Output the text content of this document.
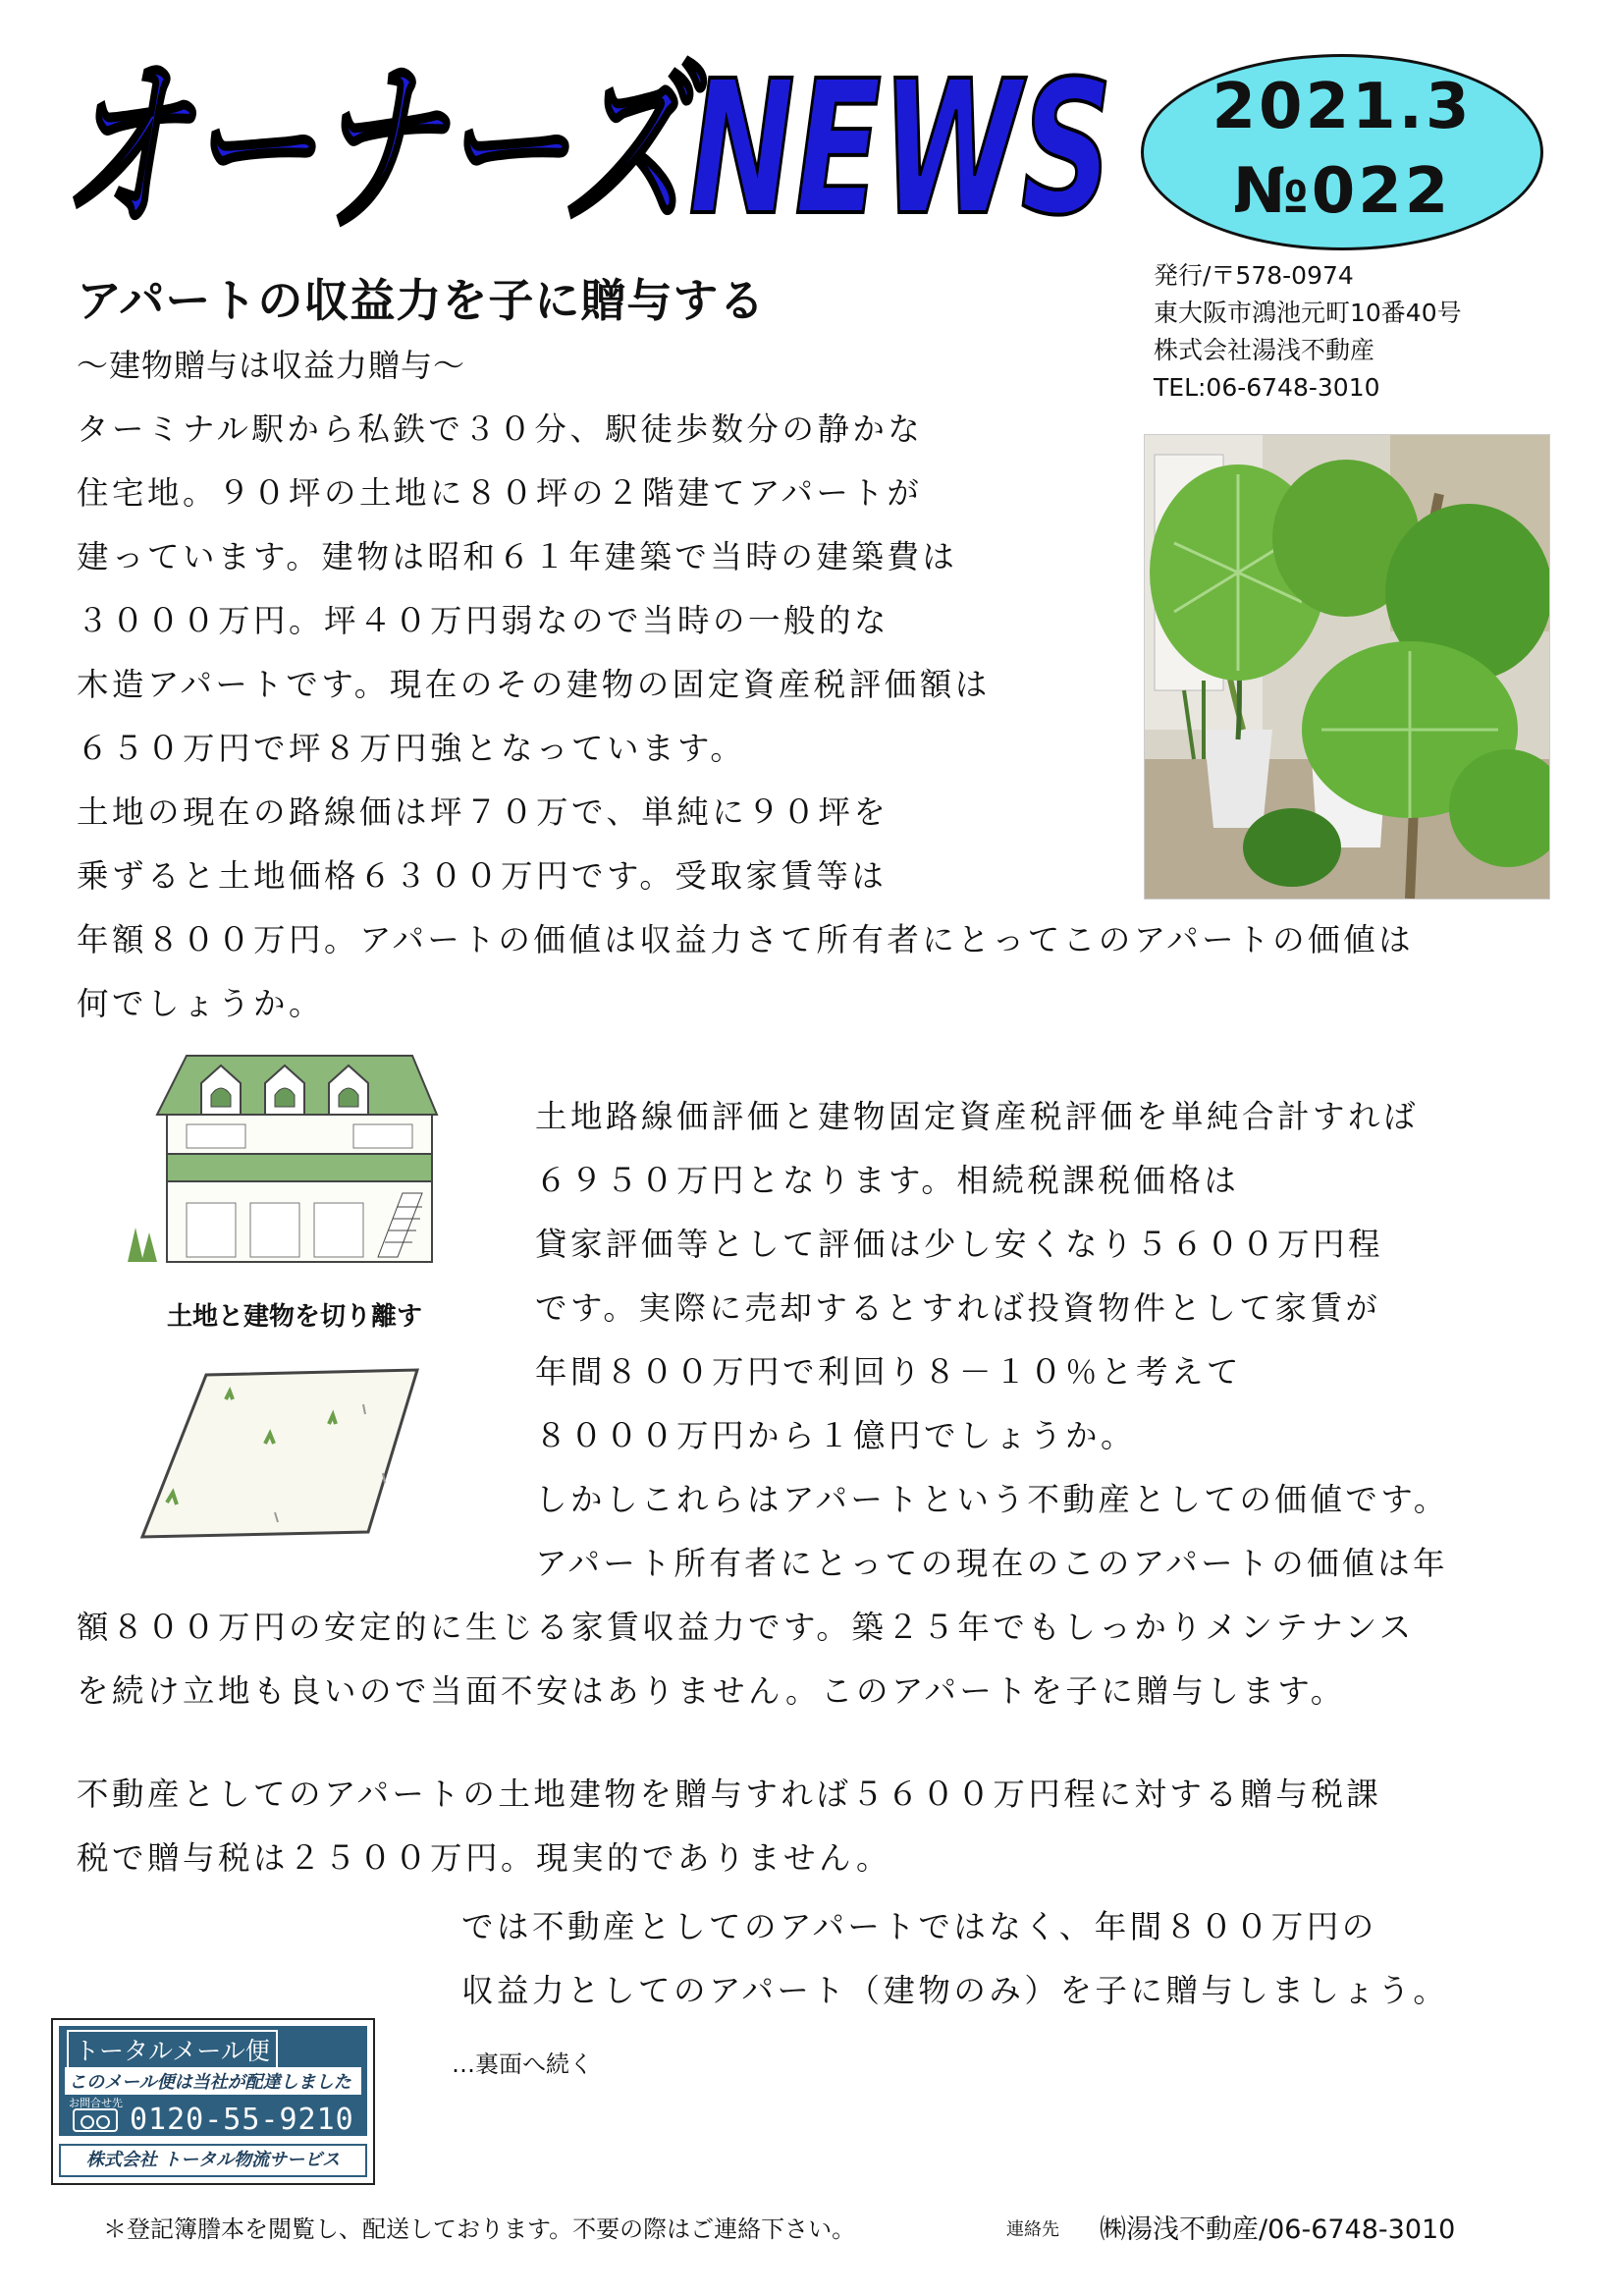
オーナーズNEWS	2021.3
№022
発行/〒578-0974
東大阪市鴻池元町10番40号
株式会社湯浅不動産
TEL:06-6748-3010
アパートの収益力を子に贈与する
～建物贈与は収益力贈与～
ターミナル駅から私鉄で３０分、駅徒歩数分の静かな
住宅地。９０坪の土地に８０坪の２階建てアパートが
建っています。建物は昭和６１年建築で当時の建築費は
３０００万円。坪４０万円弱なので当時の一般的な
木造アパートです。現在のその建物の固定資産税評価額は
６５０万円で坪８万円強となっています。
土地の現在の路線価は坪７０万で、単純に９０坪を
乗ずると土地価格６３００万円です。受取家賃等は
年額８００万円。アパートの価値は収益力さて所有者にとってこのアパートの価値は
何でしょうか。
土地と建物を切り離す
土地路線価評価と建物固定資産税評価を単純合計すれば
６９５０万円となります。相続税課税価格は
貸家評価等として評価は少し安くなり５６００万円程
です。実際に売却するとすれば投資物件として家賃が
年間８００万円で利回り８－１０％と考えて
８０００万円から１億円でしょうか。
しかしこれらはアパートという不動産としての価値です。
アパート所有者にとっての現在のこのアパートの価値は年
額８００万円の安定的に生じる家賃収益力です。築２５年でもしっかりメンテナンス
を続け立地も良いので当面不安はありません。このアパートを子に贈与します。
不動産としてのアパートの土地建物を贈与すれば５６００万円程に対する贈与税課
税で贈与税は２５００万円。現実的でありません。
では不動産としてのアパートではなく、年間８００万円の
収益力としてのアパート（建物のみ）を子に贈与しましょう。
…裏面へ続く
トータルメール便
このメール便は当社が配達しました
お問合せ先 0120-55-9210
株式会社 トータル物流サービス
＊登記簿謄本を閲覧し、配送しております。不要の際はご連絡下さい。	連絡先 ㈱湯浅不動産/06-6748-3010
